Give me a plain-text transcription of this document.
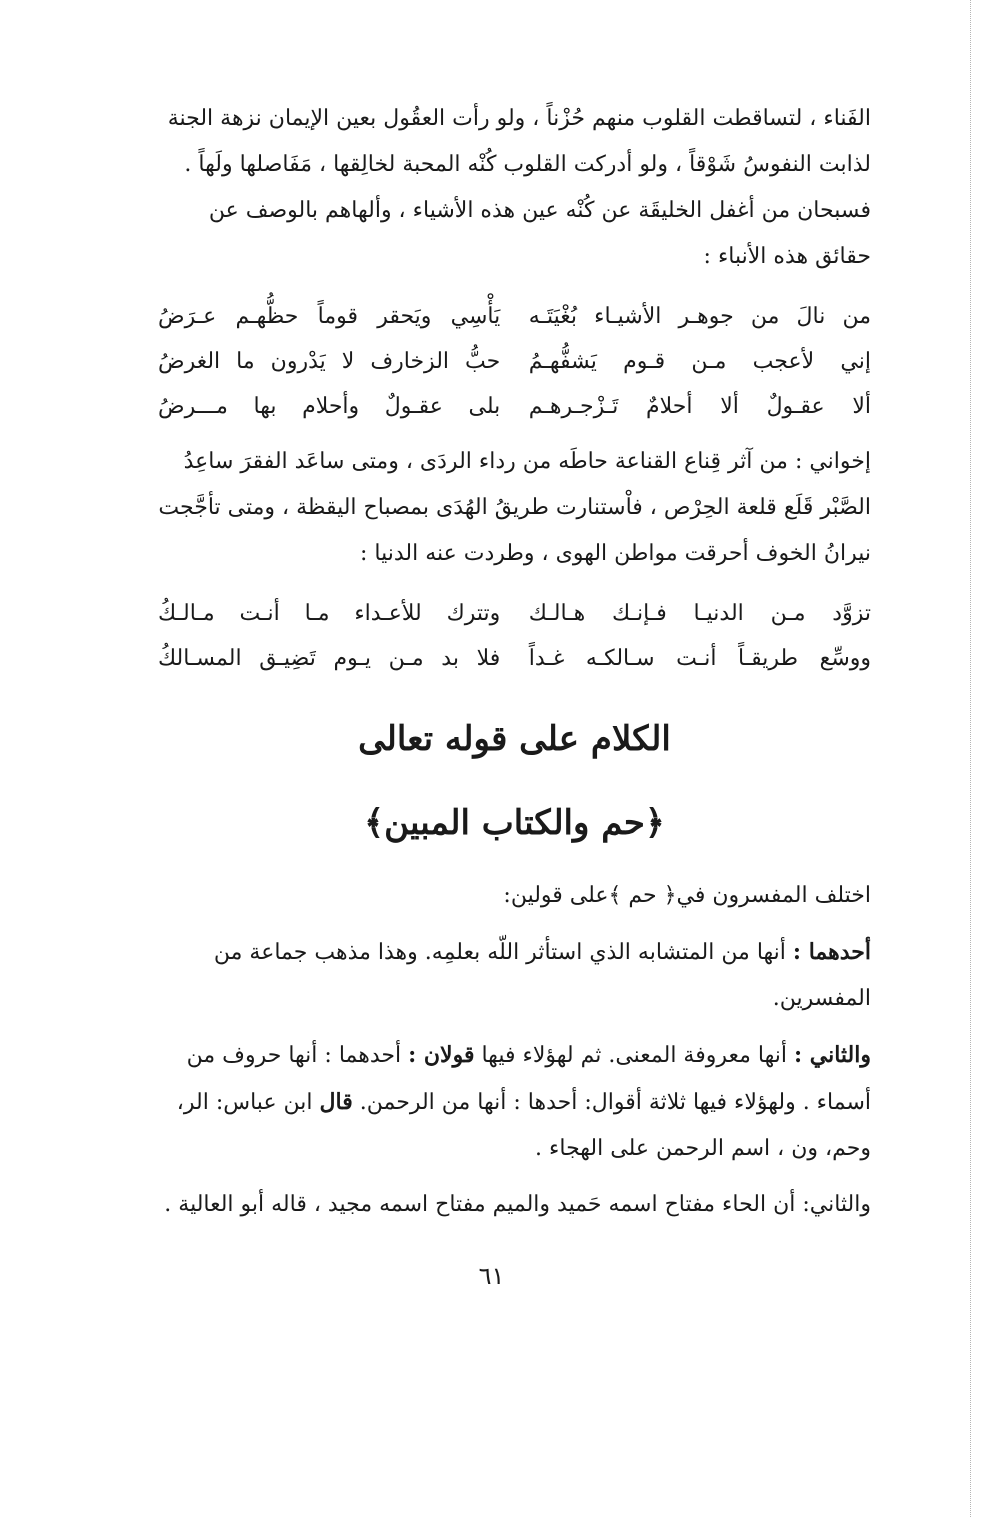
الفَناء ، لتساقطت القلوب منهم حُزْناً ، ولو رأت العقُول بعين الإيمان نزهة الجنة

لذابت النفوسُ شَوْقاً ، ولو أدركت القلوب كُنْه المحبة لخالِقها ، مَفَاصلها ولَهاً .

فسبحان من أغفل الخليقَة عن كُنْه عين هذه الأشياء ، وألهاهم بالوصف عن

حقائق هذه الأنباء :

من نالَ من جوهـر الأشيـاء بُغْيَتَـه
يَأْسِي ويَحقر قوماً حظُّهـم عـرَضُ
إني لأعجب مـن قـوم يَشفُّهـمُ
حبُّ الزخارف لا يَدْرون ما الغرضُ
ألا عقـولٌ ألا أحلامٌ تَـزْجـرهـم
بلى عقـولٌ وأحلام بها مـــرضُ

إخواني : من آثر قِناع القناعة حاطَه من رداء الردَى ، ومتى ساعَد الفقرَ ساعِدُ

الصَّبْر قَلَع قلعة الحِرْص ، فاْستنارت طريقُ الهُدَى بمصباح اليقظة ، ومتى تأجَّجت

نيرانُ الخوف أحرقت مواطن الهوى ، وطردت عنه الدنيا :

تزوَّد مـن الدنيـا فـإنـك هـالـك
وتترك للأعـداء مـا أنـت مـالـكُ
ووسِّع طريقـاً أنـت سـالكـه غـداً
فلا بد مـن يـوم تَضِيـق المسـالكُ
الكلام على قوله تعالى
﴿حم والكتاب المبين﴾

اختلف المفسرون في﴿ حم ﴾على قولين:

أحدهما : أنها من المتشابه الذي استأثر اللّه بعلمِه. وهذا مذهب جماعة من

المفسرين.

والثاني : أنها معروفة المعنى. ثم لهؤلاء فيها قولان : أحدهما : أنها حروف من

أسماء . ولهؤلاء فيها ثلاثة أقوال: أحدها : أنها من الرحمن. قال ابن عباس: الر،

وحم، ون ، اسم الرحمن على الهجاء .

والثاني: أن الحاء مفتاح اسمه حَميد والميم مفتاح اسمه مجيد ، قاله أبو العالية .

٦١
